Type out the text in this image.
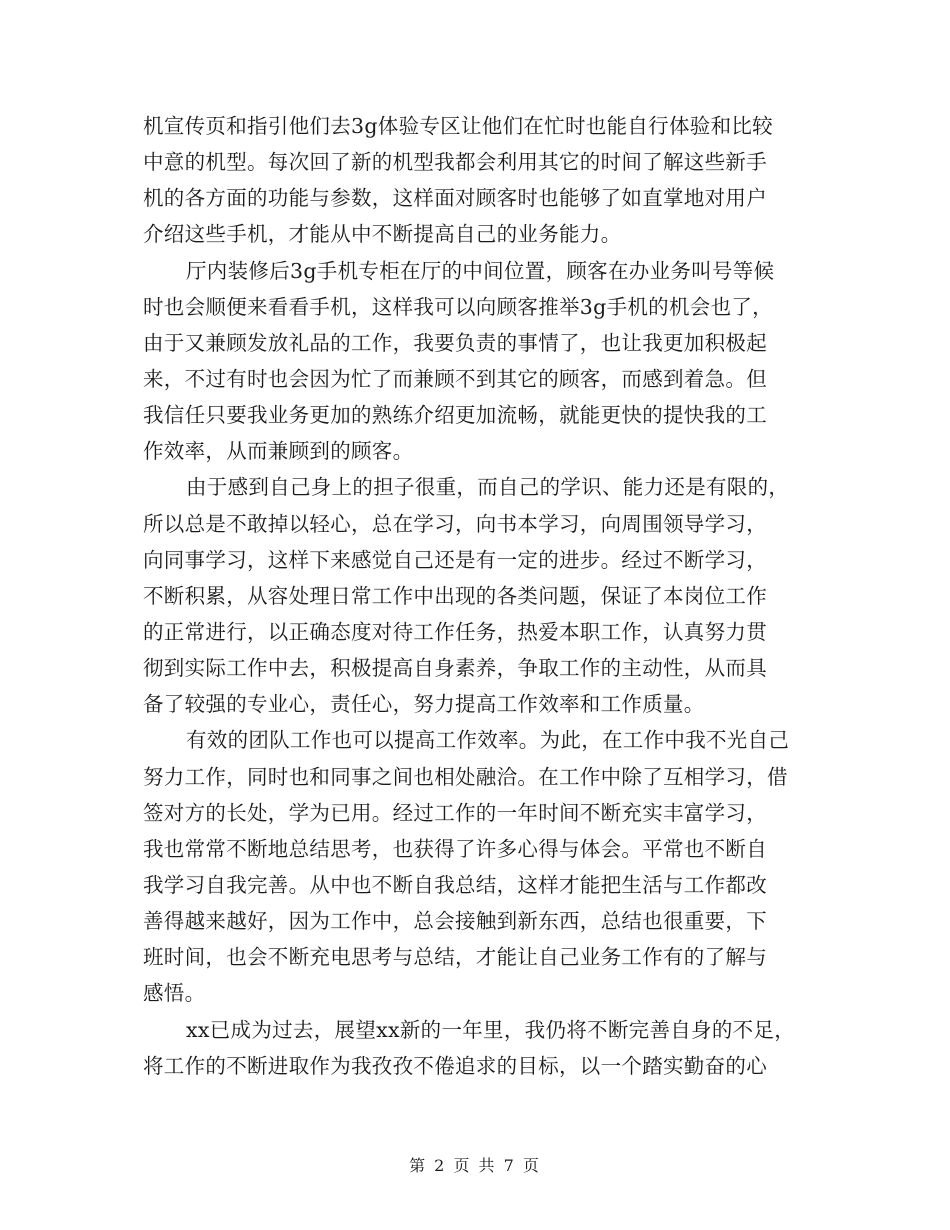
机宣传页和指引他们去3g体验专区让他们在忙时也能自行体验和比较
中意的机型。每次回了新的机型我都会利用其它的时间了解这些新手
机的各方面的功能与参数，这样面对顾客时也能够了如直掌地对用户
介绍这些手机，才能从中不断提高自己的业务能力。
厅内装修后3g手机专柜在厅的中间位置，顾客在办业务叫号等候
时也会顺便来看看手机，这样我可以向顾客推举3g手机的机会也了，
由于又兼顾发放礼品的工作，我要负责的事情了，也让我更加积极起
来，不过有时也会因为忙了而兼顾不到其它的顾客，而感到着急。但
我信任只要我业务更加的熟练介绍更加流畅，就能更快的提快我的工
作效率，从而兼顾到的顾客。
由于感到自己身上的担子很重，而自己的学识、能力还是有限的，
所以总是不敢掉以轻心，总在学习，向书本学习，向周围领导学习，
向同事学习，这样下来感觉自己还是有一定的进步。经过不断学习，
不断积累，从容处理日常工作中出现的各类问题，保证了本岗位工作
的正常进行，以正确态度对待工作任务，热爱本职工作，认真努力贯
彻到实际工作中去，积极提高自身素养，争取工作的主动性，从而具
备了较强的专业心，责任心，努力提高工作效率和工作质量。
有效的团队工作也可以提高工作效率。为此，在工作中我不光自己
努力工作，同时也和同事之间也相处融洽。在工作中除了互相学习，借
签对方的长处，学为已用。经过工作的一年时间不断充实丰富学习，
我也常常不断地总结思考，也获得了许多心得与体会。平常也不断自
我学习自我完善。从中也不断自我总结，这样才能把生活与工作都改
善得越来越好，因为工作中，总会接触到新东西，总结也很重要，下
班时间，也会不断充电思考与总结，才能让自己业务工作有的了解与
感悟。
xx已成为过去，展望xx新的一年里，我仍将不断完善自身的不足，
将工作的不断进取作为我孜孜不倦追求的目标，以一个踏实勤奋的心
第 2 页 共 7 页
